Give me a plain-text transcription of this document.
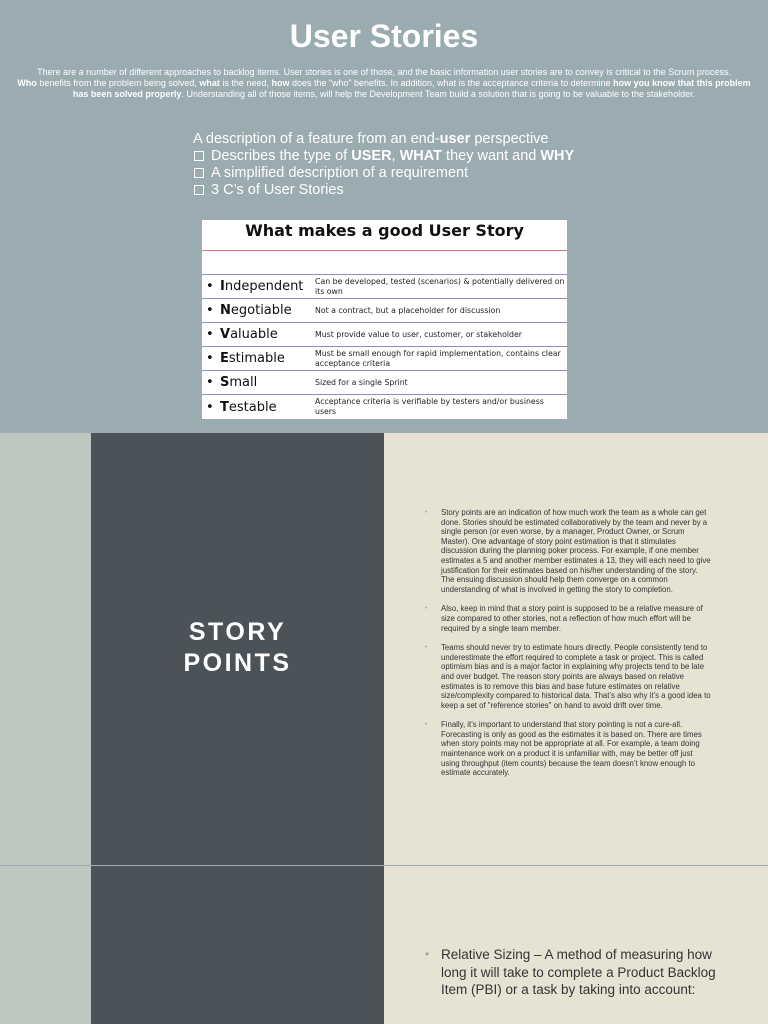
User Stories
There are a number of different approaches to backlog items. User stories is one of those, and the basic information user stories are to convey is critical to the Scrum process.
Who benefits from the problem being solved, what is the need, how does the “who” benefits. In addition, what is the acceptance criteria to determine how you know that this problem has been solved properly. Understanding all of those items, will help the Development Team build a solution that is going to be valuable to the stakeholder.
A description of a feature from an end-user perspective
Describes the type of USER, WHAT they want and WHY
A simplified description of a requirement
3 C’s of User Stories
What makes a good User Story
• Independent	Can be developed, tested (scenarios) & potentially delivered on its own
• Negotiable	Not a contract, but a placeholder for discussion
• Valuable	Must provide value to user, customer, or stakeholder
• Estimable	Must be small enough for rapid implementation, contains clear acceptance criteria
• Small	Sized for a single Sprint
• Testable	Acceptance criteria is verifiable by testers and/or business users
STORY
POINTS
•	Story points are an indication of how much work the team as a whole can get done. Stories should be estimated collaboratively by the team and never by a single person (or even worse, by a manager, Product Owner, or Scrum Master). One advantage of story point estimation is that it stimulates discussion during the planning poker process. For example, if one member estimates a 5 and another member estimates a 13, they will each need to give justification for their estimates based on his/her understanding of the story. The ensuing discussion should help them converge on a common understanding of what is involved in getting the story to completion.
•	Also, keep in mind that a story point is supposed to be a relative measure of size compared to other stories, not a reflection of how much effort will be required by a single team member.
•	Teams should never try to estimate hours directly. People consistently tend to underestimate the effort required to complete a task or project. This is called optimism bias and is a major factor in explaining why projects tend to be late and over budget. The reason story points are always based on relative estimates is to remove this bias and base future estimates on relative size/complexity compared to historical data. That’s also why it’s a good idea to keep a set of "reference stories" on hand to avoid drift over time.
•	Finally, it’s important to understand that story pointing is not a cure-all. Forecasting is only as good as the estimates it is based on. There are times when story points may not be appropriate at all. For example, a team doing maintenance work on a product it is unfamiliar with, may be better off just using throughput (item counts) because the team doesn’t know enough to estimate accurately.
• Relative Sizing – A method of measuring how long it will take to complete a Product Backlog Item (PBI) or a task by taking into account:
